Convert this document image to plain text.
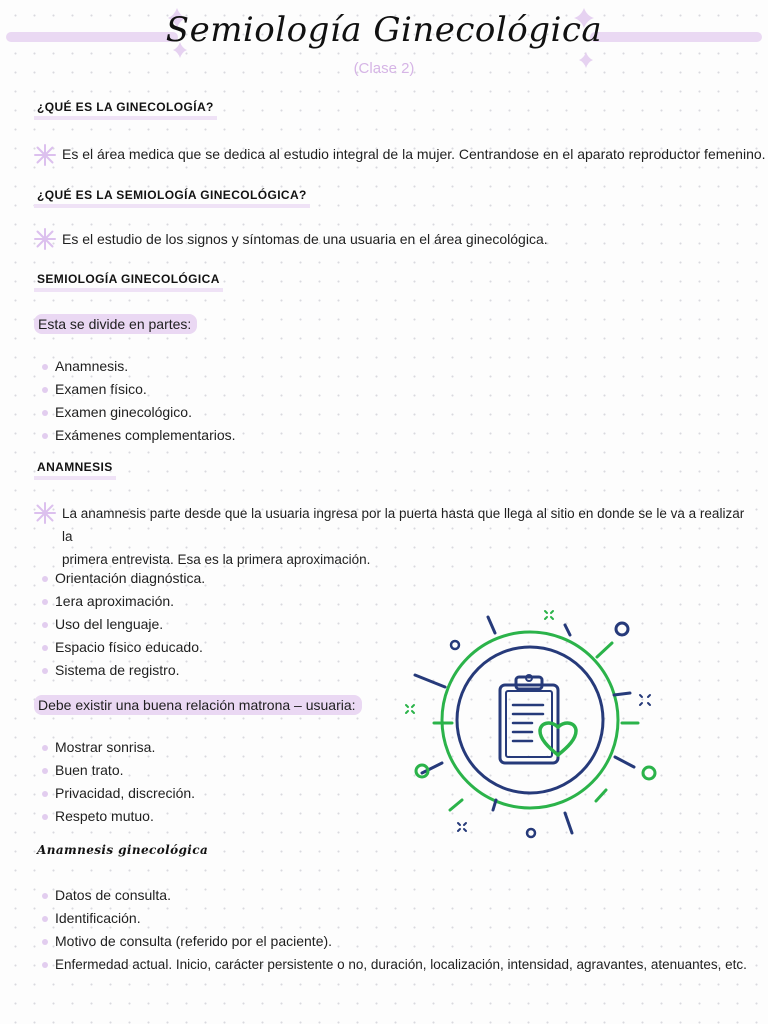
Semiología Ginecológica
(Clase 2)
¿QUÉ ES LA GINECOLOGÍA?
Es el área medica que se dedica al estudio integral de la mujer. Centrandose en el aparato reproductor femenino.
¿QUÉ ES LA SEMIOLOGÍA GINECOLÓGICA?
Es el estudio de los signos y síntomas de una usuaria en el área ginecológica.
SEMIOLOGÍA GINECOLÓGICA
Esta se divide en partes:
Anamnesis.
Examen físico.
Examen ginecológico.
Exámenes complementarios.
ANAMNESIS
La anamnesis parte desde que la usuaria ingresa por la puerta hasta que llega al sitio en donde se le va a realizar la
primera entrevista. Esa es la primera aproximación.
Orientación diagnóstica.
1era aproximación.
Uso del lenguaje.
Espacio físico educado.
Sistema de registro.
Debe existir una buena relación matrona – usuaria:
Mostrar sonrisa.
Buen trato.
Privacidad, discreción.
Respeto mutuo.
Anamnesis ginecológica
Datos de consulta.
Identificación.
Motivo de consulta (referido por el paciente).
Enfermedad actual. Inicio, carácter persistente o no, duración, localización, intensidad, agravantes, atenuantes, etc.
